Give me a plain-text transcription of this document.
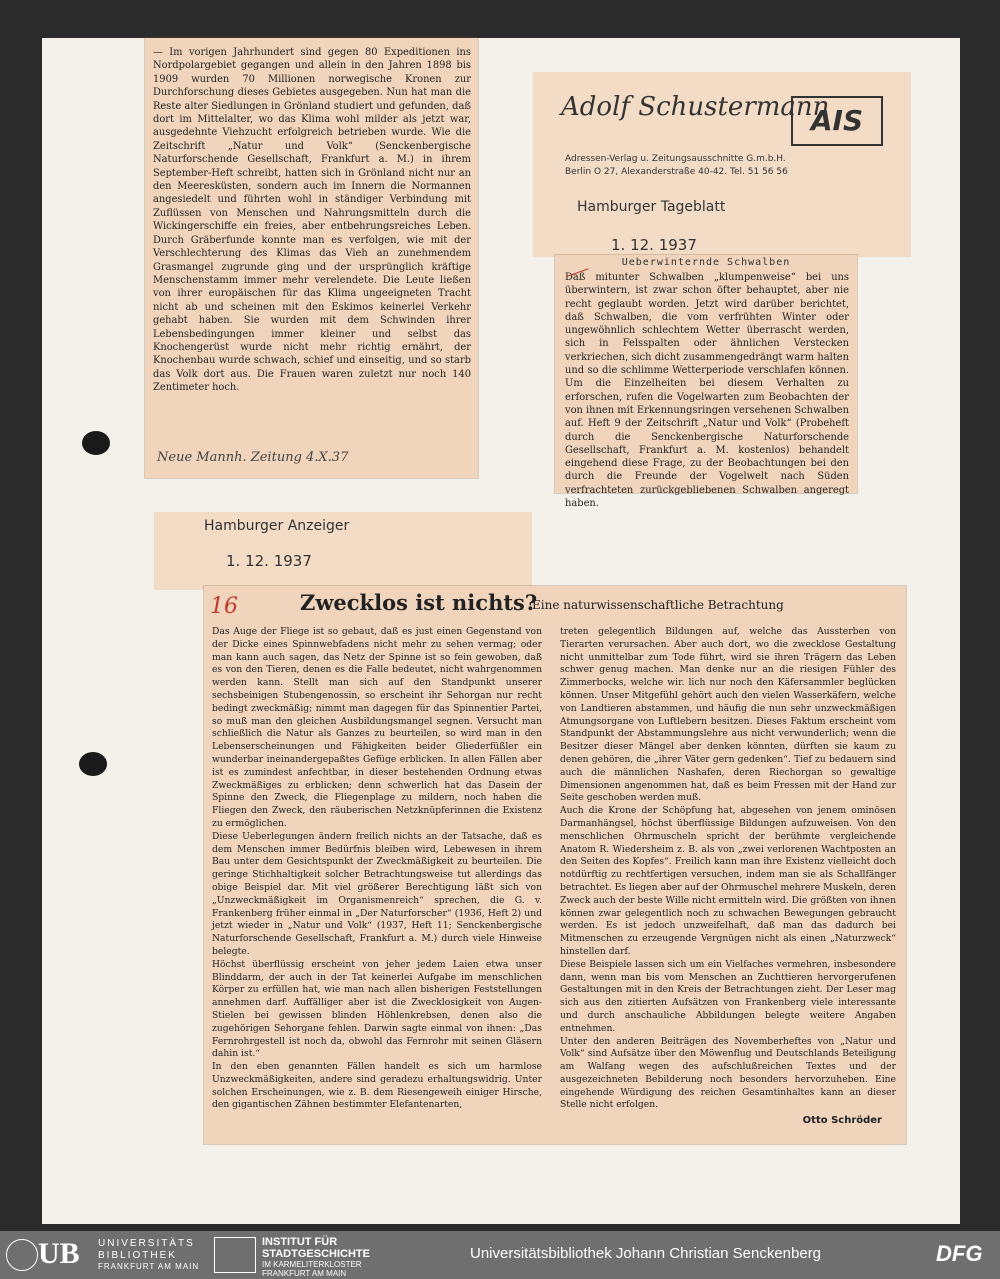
— Im vorigen Jahrhundert sind gegen 80 Expeditionen ins Nordpolargebiet gegangen und allein in den Jahren 1898 bis 1909 wurden 70 Millionen norwegische Kronen zur Durchforschung dieses Gebietes ausgegeben. Nun hat man die Reste alter Siedlungen in Grönland studiert und gefunden, daß dort im Mittelalter, wo das Klima wohl milder als jetzt war, ausgedehnte Viehzucht erfolgreich betrieben wurde. Wie die Zeitschrift „Natur und Volk“ (Senckenbergische Naturforschende Gesellschaft, Frankfurt a. M.) in ihrem September-Heft schreibt, hatten sich in Grönland nicht nur an den Meeresküsten, sondern auch im Innern die Normannen angesiedelt und führten wohl in ständiger Verbindung mit Zuflüssen von Menschen und Nahrungsmitteln durch die Wickingerschiffe ein freies, aber entbehrungsreiches Leben. Durch Gräberfunde konnte man es verfolgen, wie mit der Verschlechterung des Klimas das Vieh an zunehmendem Grasmangel zugrunde ging und der ursprünglich kräftige Menschenstamm immer mehr verelendete. Die Leute ließen von ihrer europäischen für das Klima ungeeigneten Tracht nicht ab und scheinen mit den Eskimos keinerlei Verkehr gehabt haben. Sie wurden mit dem Schwinden ihrer Lebensbedingungen immer kleiner und selbst das Knochengerüst wurde nicht mehr richtig ernährt, der Knochenbau wurde schwach, schief und einseitig, und so starb das Volk dort aus. Die Frauen waren zuletzt nur noch 140 Zentimeter hoch.

Neue Mannh. Zeitung 4.X.37
Adolf Schustermann
AIS
Adressen-Verlag u. Zeitungsausschnitte G.m.b.H.
Berlin O 27, Alexanderstraße 40-42. Tel. 51 56 56
Hamburger Tageblatt
1. 12. 1937
Ueberwinternde Schwalben

Daß mitunter Schwalben „klumpenweise“ bei uns überwintern, ist zwar schon öfter behauptet, aber nie recht geglaubt worden. Jetzt wird darüber berichtet, daß Schwalben, die vom verfrühten Winter oder ungewöhnlich schlechtem Wetter überrascht werden, sich in Felsspalten oder ähnlichen Verstecken verkriechen, sich dicht zusammengedrängt warm halten und so die schlimme Wetterperiode verschlafen können. Um die Einzelheiten bei diesem Verhalten zu erforschen, rufen die Vogelwarten zum Beobachten der von ihnen mit Erkennungsringen versehenen Schwalben auf. Heft 9 der Zeitschrift „Natur und Volk“ (Probeheft durch die Senckenbergische Naturforschende Gesellschaft, Frankfurt a. M. kostenlos) behandelt eingehend diese Frage, zu der Beobachtungen bei den durch die Freunde der Vogelwelt nach Süden verfrachteten zurückgebliebenen Schwalben angeregt haben.

Hamburger Anzeiger
1. 12. 1937
16	Zwecklos ist nichts?
Eine naturwissenschaftliche Betrachtung

Das Auge der Fliege ist so gebaut, daß es just einen Gegenstand von der Dicke eines Spinnwebfadens nicht mehr zu sehen vermag; oder man kann auch sagen, das Netz der Spinne ist so fein gewoben, daß es von den Tieren, denen es die Falle bedeutet, nicht wahrgenommen werden kann. Stellt man sich auf den Standpunkt unserer sechsbeinigen Stubengenossin, so erscheint ihr Sehorgan nur recht bedingt zweckmäßig; nimmt man dagegen für das Spinnentier Partei, so muß man den gleichen Ausbildungsmangel segnen. Versucht man schließlich die Natur als Ganzes zu beurteilen, so wird man in den Lebenserscheinungen und Fähigkeiten beider Gliederfüßler ein wunderbar ineinandergepaßtes Gefüge erblicken. In allen Fällen aber ist es zumindest anfechtbar, in dieser bestehenden Ordnung etwas Zweckmäßiges zu erblicken; denn schwerlich hat das Dasein der Spinne den Zweck, die Fliegenplage zu mildern, noch haben die Fliegen den Zweck, den räuberischen Netzknüpferinnen die Existenz zu ermöglichen.
Diese Ueberlegungen ändern freilich nichts an der Tatsache, daß es dem Menschen immer Bedürfnis bleiben wird, Lebewesen in ihrem Bau unter dem Gesichtspunkt der Zweckmäßigkeit zu beurteilen. Die geringe Stichhaltigkeit solcher Betrachtungsweise tut allerdings das obige Beispiel dar. Mit viel größerer Berechtigung läßt sich von „Unzweckmäßigkeit im Organismenreich“ sprechen, die G. v. Frankenberg früher einmal in „Der Naturforscher“ (1936, Heft 2) und jetzt wieder in „Natur und Volk“ (1937, Heft 11; Senckenbergische Naturforschende Gesellschaft, Frankfurt a. M.) durch viele Hinweise belegte.
Höchst überflüssig erscheint von jeher jedem Laien etwa unser Blinddarm, der auch in der Tat keinerlei Aufgabe im menschlichen Körper zu erfüllen hat, wie man nach allen bisherigen Feststellungen annehmen darf. Auffälliger aber ist die Zwecklosigkeit von Augen-Stielen bei gewissen blinden Höhlenkrebsen, denen also die zugehörigen Sehorgane fehlen. Darwin sagte einmal von ihnen: „Das Fernrohrgestell ist noch da, obwohl das Fernrohr mit seinen Gläsern dahin ist.“
In den eben genannten Fällen handelt es sich um harmlose Unzweckmäßigkeiten, andere sind geradezu erhaltungswidrig. Unter solchen Erscheinungen, wie z. B. dem Riesengeweih einiger Hirsche, den gigantischen Zähnen bestimmter Elefantenarten,

treten gelegentlich Bildungen auf, welche das Aussterben von Tierarten verursachen. Aber auch dort, wo die zwecklose Gestaltung nicht unmittelbar zum Tode führt, wird sie ihren Trägern das Leben schwer genug machen. Man denke nur an die riesigen Fühler des Zimmerbocks, welche wir. lich nur noch den Käfersammler beglücken können. Unser Mitgefühl gehört auch den vielen Wasserkäfern, welche von Landtieren abstammen, und häufig die nun sehr unzweckmäßigen Atmungsorgane von Luftlebern besitzen. Dieses Faktum erscheint vom Standpunkt der Abstammungslehre aus nicht verwunderlich; wenn die Besitzer dieser Mängel aber denken könnten, dürften sie kaum zu denen gehören, die „ihrer Väter gern gedenken“. Tief zu bedauern sind auch die männlichen Nashafen, deren Riechorgan so gewaltige Dimensionen angenommen hat, daß es beim Fressen mit der Hand zur Seite geschoben werden muß.
Auch die Krone der Schöpfung hat, abgesehen von jenem ominösen Darmanhängsel, höchst überflüssige Bildungen aufzuweisen. Von den menschlichen Ohrmuscheln spricht der berühmte vergleichende Anatom R. Wiedersheim z. B. als von „zwei verlorenen Wachtposten an den Seiten des Kopfes“. Freilich kann man ihre Existenz vielleicht doch notdürftig zu rechtfertigen versuchen, indem man sie als Schallfänger betrachtet. Es liegen aber auf der Ohrmuschel mehrere Muskeln, deren Zweck auch der beste Wille nicht ermitteln wird. Die größten von ihnen können zwar gelegentlich noch zu schwachen Bewegungen gebraucht werden. Es ist jedoch unzweifelhaft, daß man das dadurch bei Mitmenschen zu erzeugende Vergnügen nicht als einen „Naturzweck“ hinstellen darf.
Diese Beispiele lassen sich um ein Vielfaches vermehren, insbesondere dann, wenn man bis vom Menschen an Zuchttieren hervorgerufenen Gestaltungen mit in den Kreis der Betrachtungen zieht. Der Leser mag sich aus den zitierten Aufsätzen von Frankenberg viele interessante und durch anschauliche Abbildungen belegte weitere Angaben entnehmen.
Unter den anderen Beiträgen des Novemberheftes von „Natur und Volk“ sind Aufsätze über den Möwenflug und Deutschlands Beteiligung am Walfang wegen des aufschlußreichen Textes und der ausgezeichneten Bebilderung noch besonders hervorzuheben. Eine eingehende Würdigung des reichen Gesamtinhaltes kann an dieser Stelle nicht erfolgen.

Otto Schröder
UB UNIVERSITÄTS
BIBLIOTHEK
FRANKFURT AM MAIN
INSTITUT FÜR
STADTGESCHICHTE
IM KARMELITERKLOSTER
FRANKFURT AM MAIN
Universitätsbibliothek Johann Christian Senckenberg	DFG
